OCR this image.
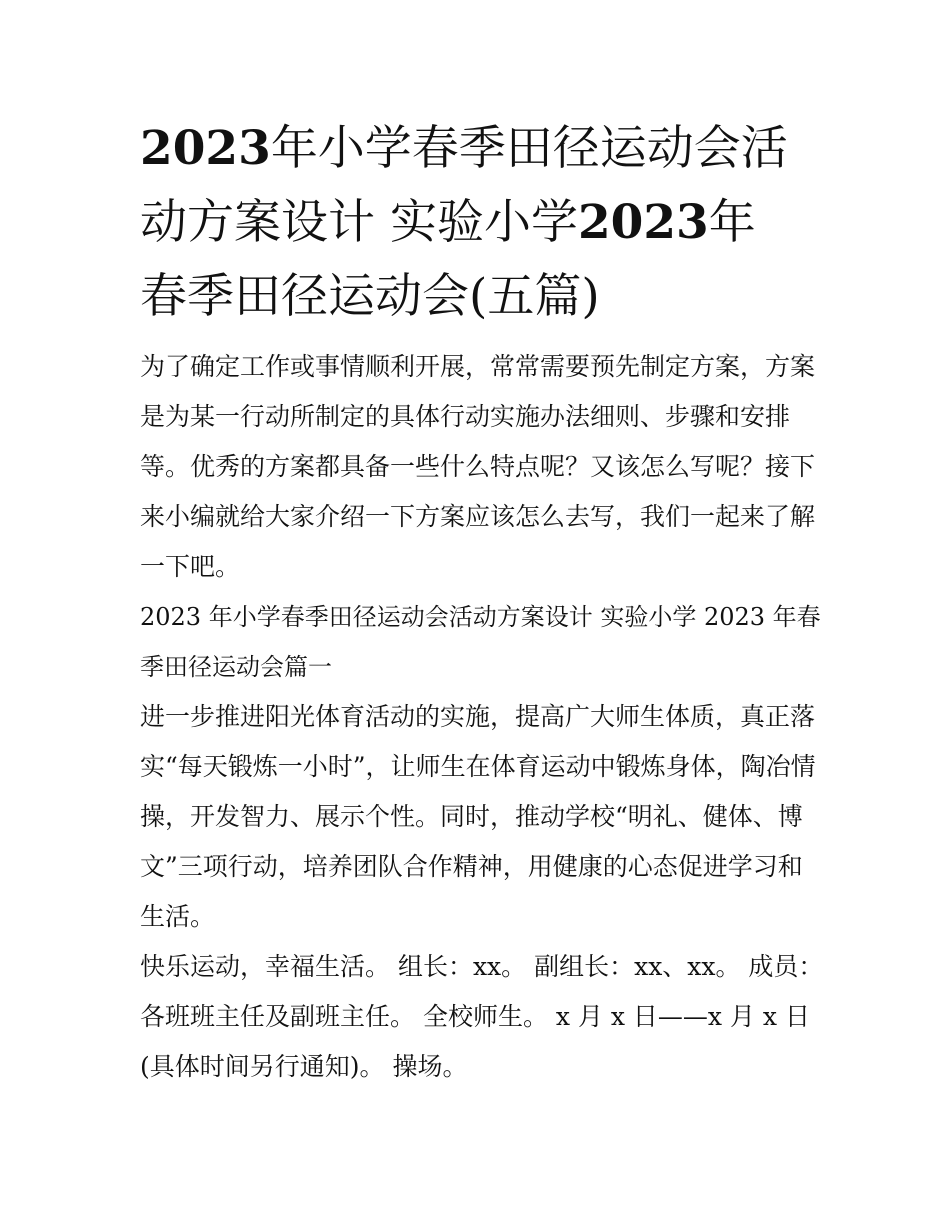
2023年小学春季田径运动会活
动方案设计 实验小学2023年
春季田径运动会(五篇)

为了确定工作或事情顺利开展，常常需要预先制定方案，方案
是为某一行动所制定的具体行动实施办法细则、步骤和安排
等。优秀的方案都具备一些什么特点呢？又该怎么写呢？接下
来小编就给大家介绍一下方案应该怎么去写，我们一起来了解
一下吧。

2023 年小学春季田径运动会活动方案设计 实验小学 2023 年春
季田径运动会篇一

进一步推进阳光体育活动的实施，提高广大师生体质，真正落
实“每天锻炼一小时”，让师生在体育运动中锻炼身体，陶冶情
操，开发智力、展示个性。同时，推动学校“明礼、健体、博
文”三项行动，培养团队合作精神，用健康的心态促进学习和
生活。

快乐运动，幸福生活。 组长：xx。 副组长：xx、xx。 成员：
各班班主任及副班主任。 全校师生。 x 月 x 日——x 月 x 日
(具体时间另行通知)。 操场。
